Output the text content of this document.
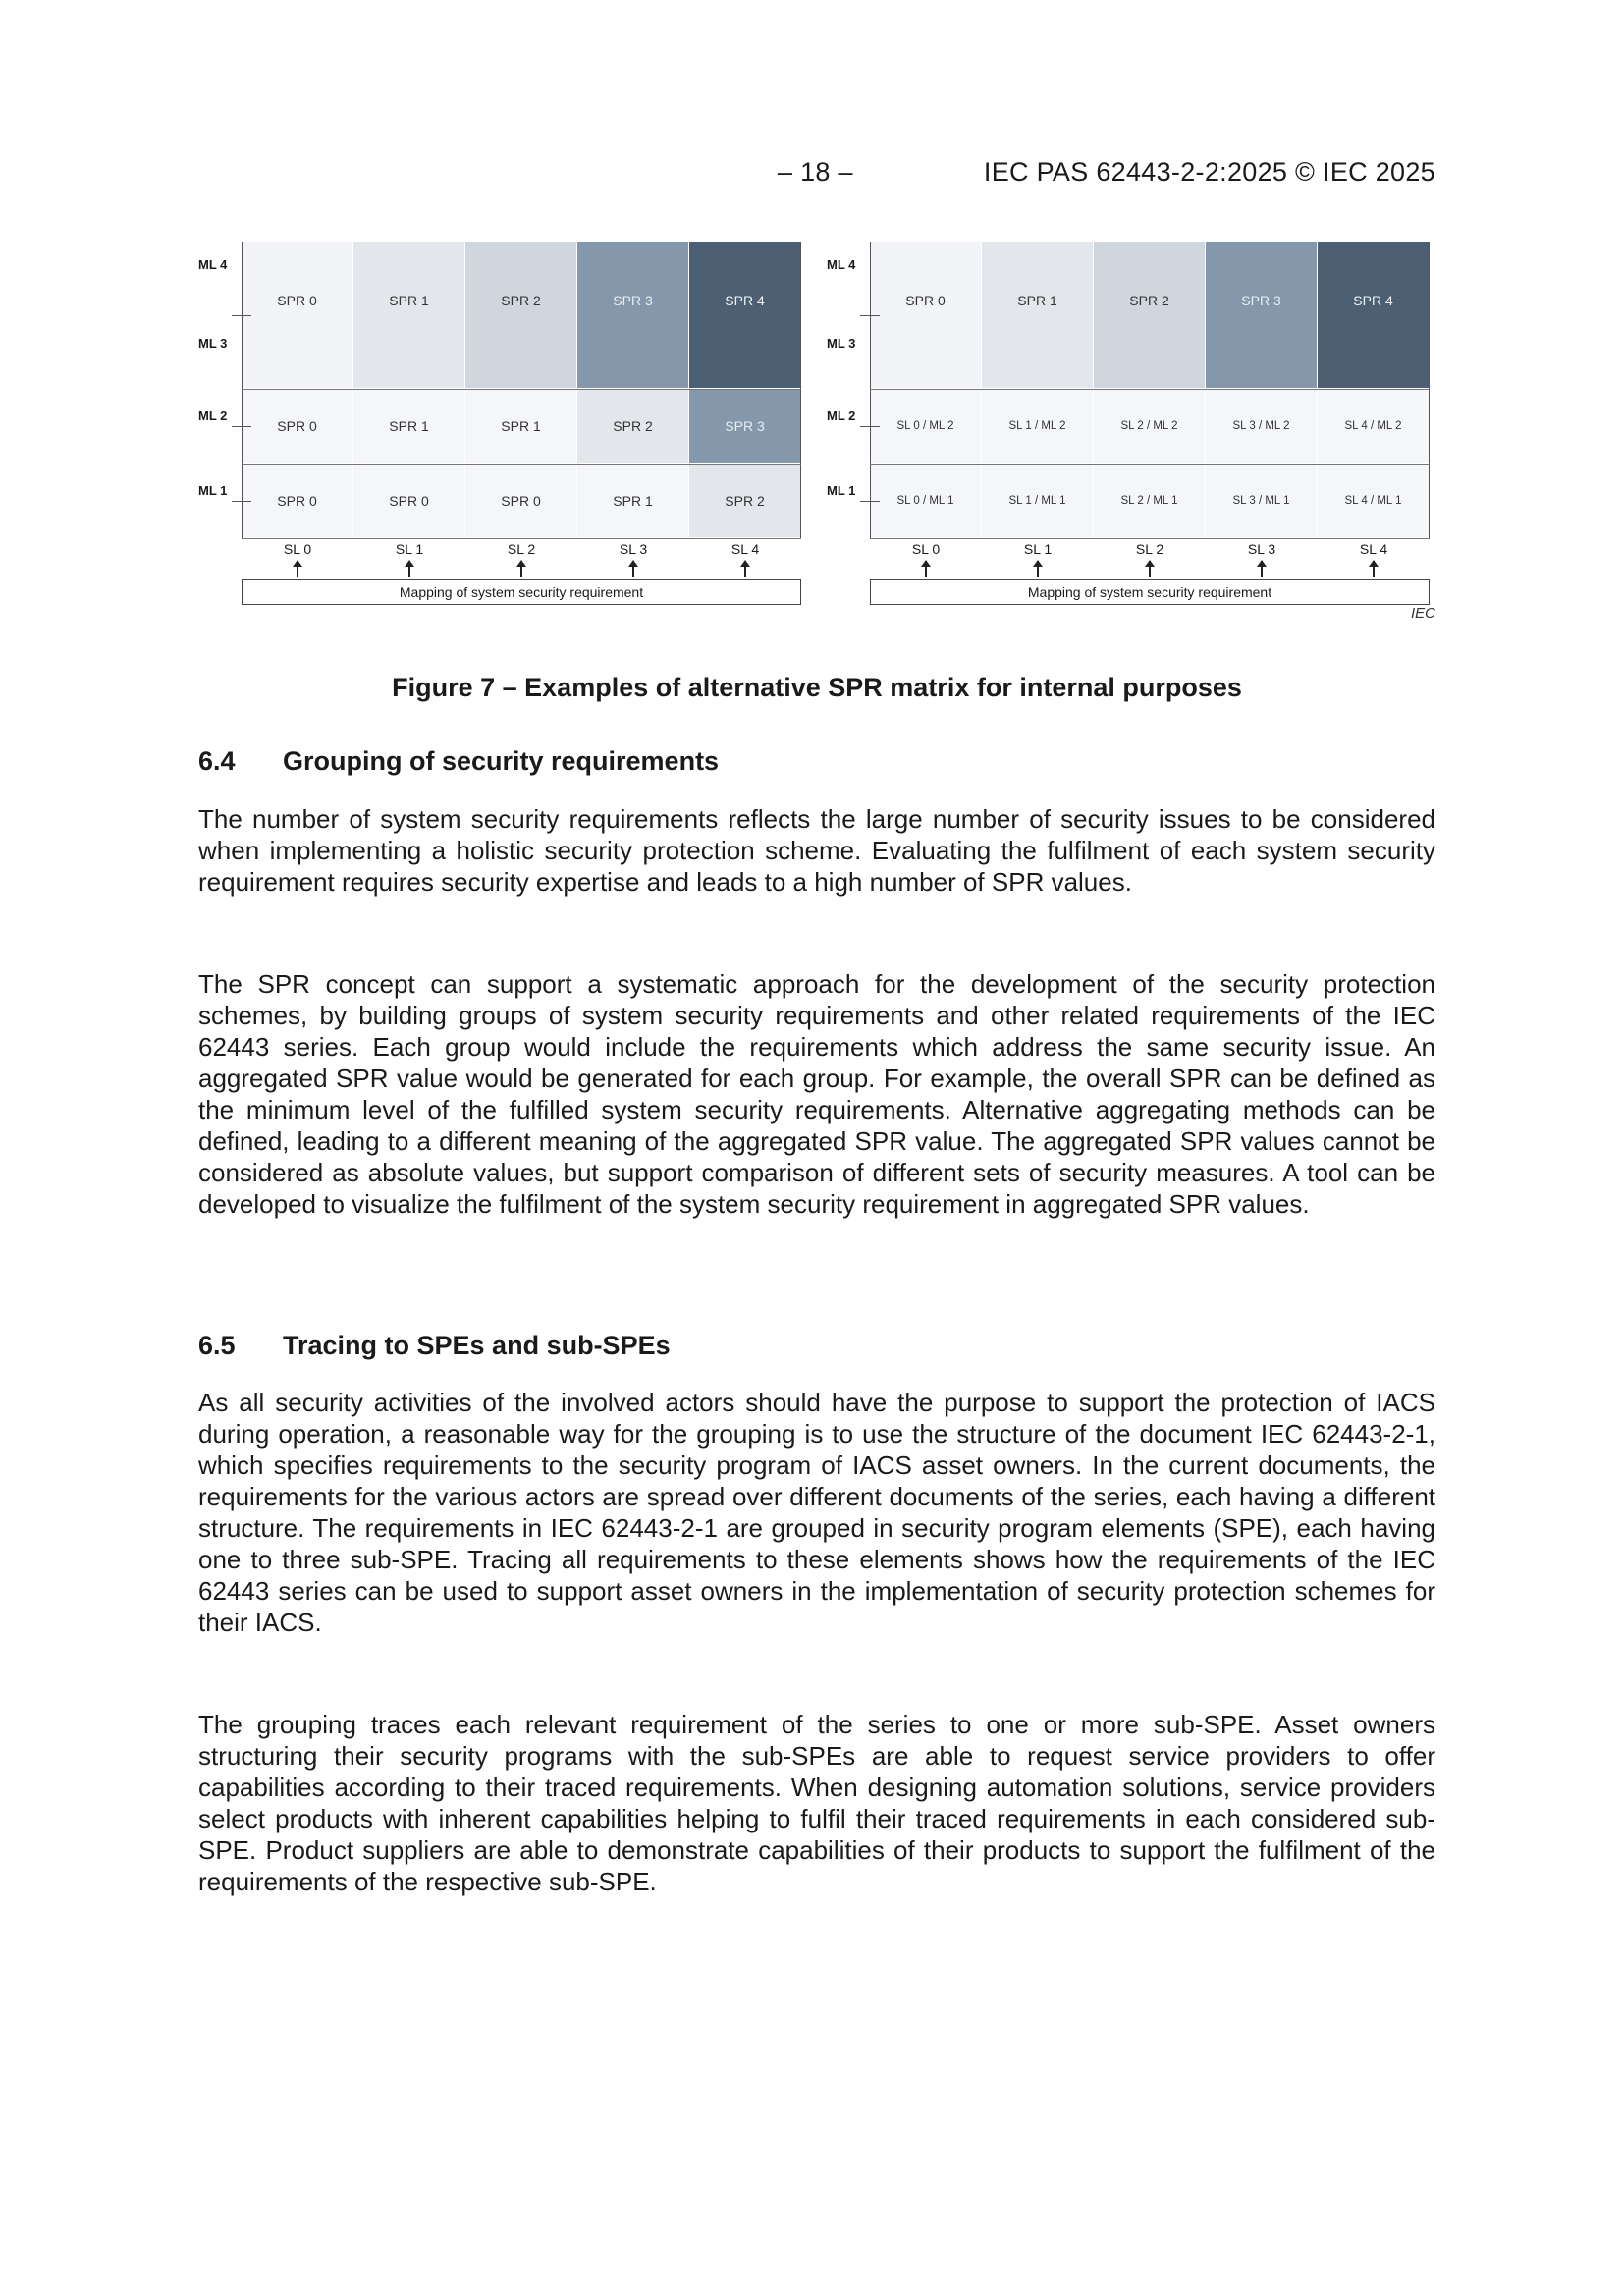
– 18 –	IEC PAS 62443-2-2:2025 © IEC 2025
ML 4
ML 3
ML 2
ML 1
SPR 0	SPR 1	SPR 2	SPR 3	SPR 4
SPR 0	SPR 1	SPR 1	SPR 2	SPR 3
SPR 0	SPR 0	SPR 0	SPR 1	SPR 2
SL 0	SL 1	SL 2	SL 3	SL 4
Mapping of system security requirement
ML 4
ML 3
ML 2
ML 1
SPR 0	SPR 1	SPR 2	SPR 3	SPR 4
SL 0 / ML 2	SL 1 / ML 2	SL 2 / ML 2	SL 3 / ML 2	SL 4 / ML 2
SL 0 / ML 1	SL 1 / ML 1	SL 2 / ML 1	SL 3 / ML 1	SL 4 / ML 1
SL 0	SL 1	SL 2	SL 3	SL 4
Mapping of system security requirement
IEC
Figure 7 – Examples of alternative SPR matrix for internal purposes
6.4 Grouping of security requirements

The number of system security requirements reflects the large number of security issues to be considered when implementing a holistic security protection scheme. Evaluating the fulfilment of each system security requirement requires security expertise and leads to a high number of SPR values.

The SPR concept can support a systematic approach for the development of the security protection schemes, by building groups of system security requirements and other related requirements of the IEC 62443 series. Each group would include the requirements which address the same security issue. An aggregated SPR value would be generated for each group. For example, the overall SPR can be defined as the minimum level of the fulfilled system security requirements. Alternative aggregating methods can be defined, leading to a different meaning of the aggregated SPR value. The aggregated SPR values cannot be considered as absolute values, but support comparison of different sets of security measures. A tool can be developed to visualize the fulfilment of the system security requirement in aggregated SPR values.

6.5 Tracing to SPEs and sub-SPEs

As all security activities of the involved actors should have the purpose to support the protection of IACS during operation, a reasonable way for the grouping is to use the structure of the document IEC 62443-2-1, which specifies requirements to the security program of IACS asset owners. In the current documents, the requirements for the various actors are spread over different documents of the series, each having a different structure. The requirements in IEC 62443-2-1 are grouped in security program elements (SPE), each having one to three sub-SPE. Tracing all requirements to these elements shows how the requirements of the IEC 62443 series can be used to support asset owners in the implementation of security protection schemes for their IACS.

The grouping traces each relevant requirement of the series to one or more sub-SPE. Asset owners structuring their security programs with the sub-SPEs are able to request service providers to offer capabilities according to their traced requirements. When designing automation solutions, service providers select products with inherent capabilities helping to fulfil their traced requirements in each considered sub-SPE. Product suppliers are able to demonstrate capabilities of their products to support the fulfilment of the requirements of the respective sub-SPE.
